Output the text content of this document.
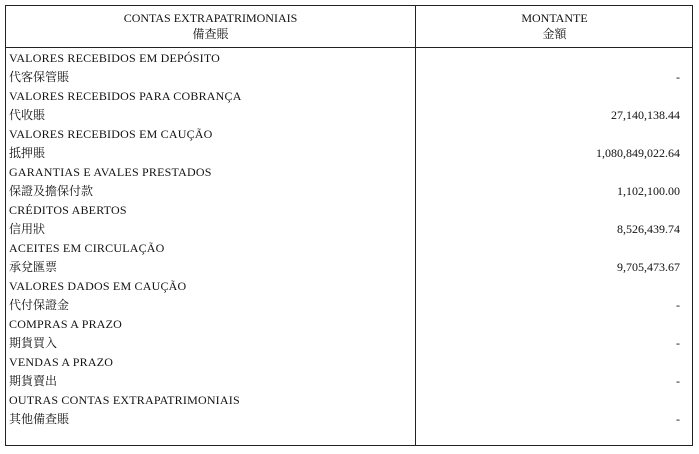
CONTAS EXTRAPATRIMONIAIS
備查賬
MONTANTE
金額
VALORES RECEBIDOS EM DEPÓSITO
代客保管賬	-
VALORES RECEBIDOS PARA COBRANÇA
代收賬	27,140,138.44
VALORES RECEBIDOS EM CAUÇÃO
抵押賬	1,080,849,022.64
GARANTIAS E AVALES PRESTADOS
保證及擔保付款	1,102,100.00
CRÉDITOS ABERTOS
信用狀	8,526,439.74
ACEITES EM CIRCULAÇÃO
承兌匯票	9,705,473.67
VALORES DADOS EM CAUÇÃO
代付保證金	-
COMPRAS A PRAZO
期貨買入	-
VENDAS A PRAZO
期貨賣出	-
OUTRAS CONTAS EXTRAPATRIMONIAIS
其他備查賬	-
